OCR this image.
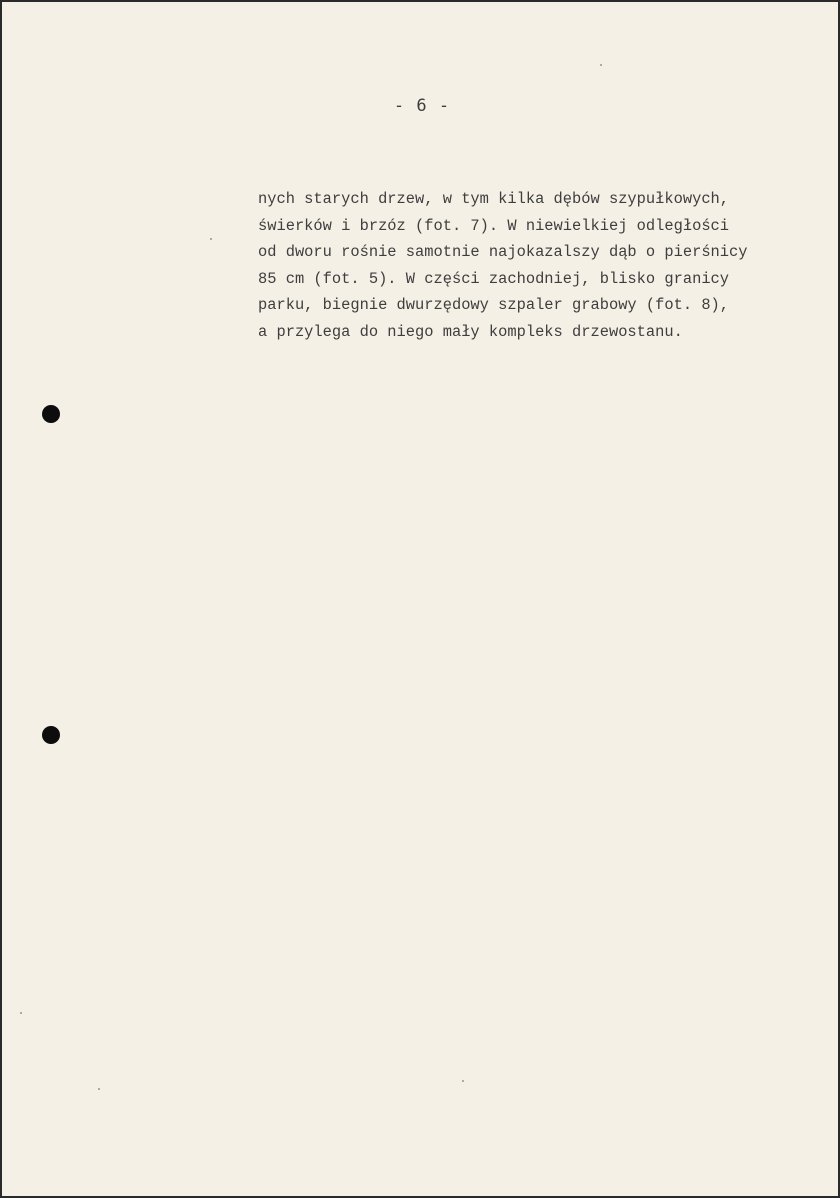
- 6 -
nych starych drzew, w tym kilka dębów szypułkowych,
świerków i brzóz (fot. 7). W niewielkiej odległości
od dworu rośnie samotnie najokazalszy dąb o pierśnicy
85 cm (fot. 5). W części zachodniej, blisko granicy
parku, biegnie dwurzędowy szpaler grabowy (fot. 8),
a przylega do niego mały kompleks drzewostanu.
